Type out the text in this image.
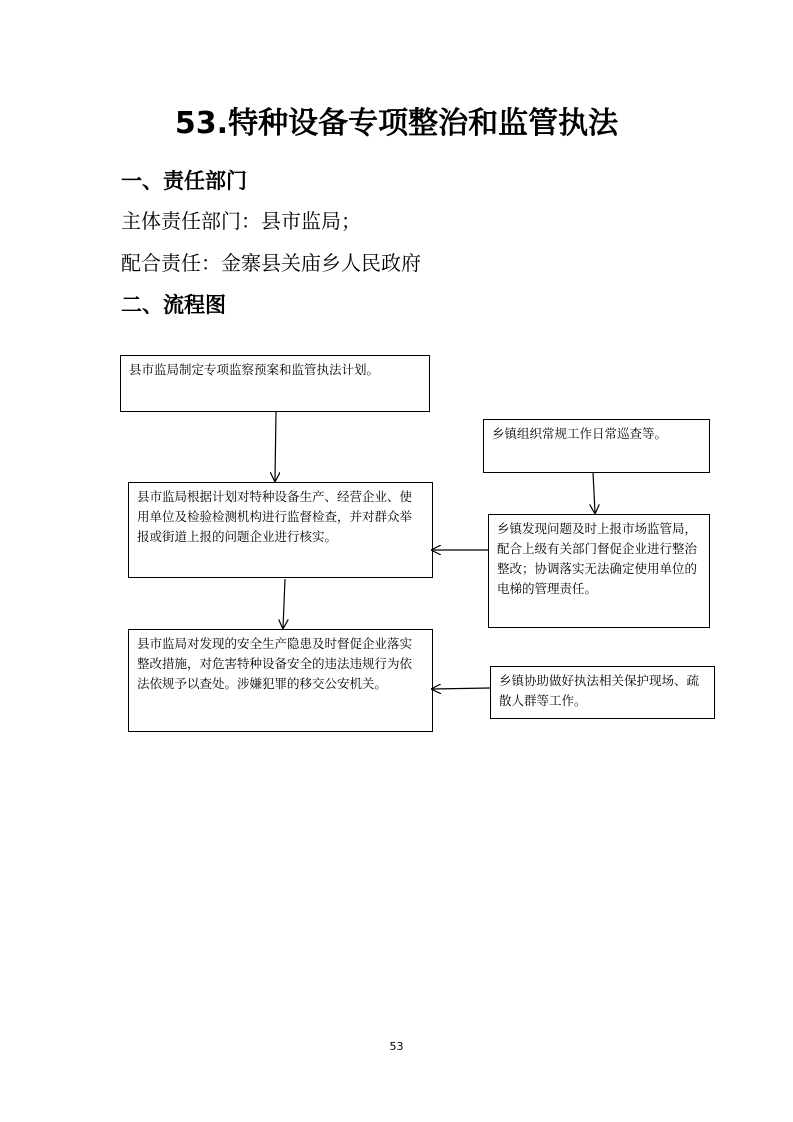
53.特种设备专项整治和监管执法
一、责任部门
主体责任部门：县市监局；
配合责任：金寨县关庙乡人民政府
二、流程图
县市监局制定专项监察预案和监管执法计划。
县市监局根据计划对特种设备生产、经营企业、使用单位及检验检测机构进行监督检查，并对群众举报或街道上报的问题企业进行核实。
县市监局对发现的安全生产隐患及时督促企业落实整改措施，对危害特种设备安全的违法违规行为依法依规予以查处。涉嫌犯罪的移交公安机关。
乡镇组织常规工作日常巡查等。
乡镇发现问题及时上报市场监管局，配合上级有关部门督促企业进行整治整改；协调落实无法确定使用单位的电梯的管理责任。
乡镇协助做好执法相关保护现场、疏散人群等工作。
53
